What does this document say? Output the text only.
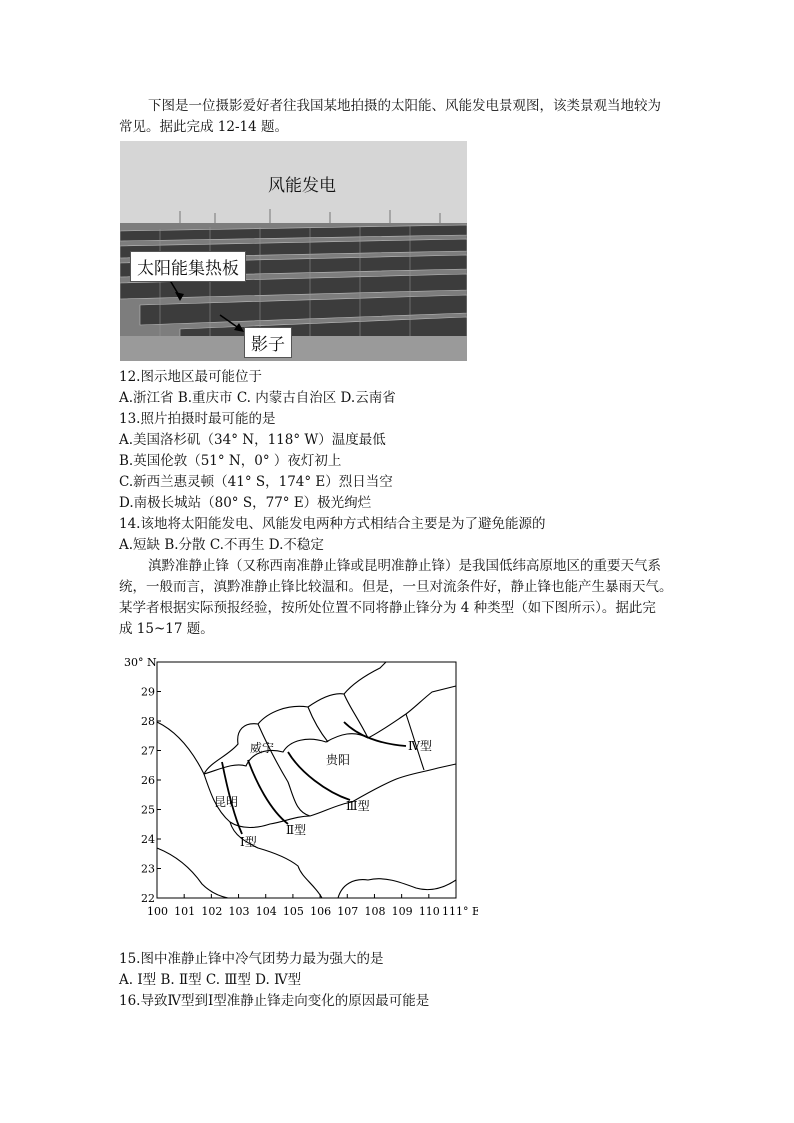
下图是一位摄影爱好者往我国某地拍摄的太阳能、风能发电景观图，该类景观当地较为
常见。据此完成 12-14 题。
风能发电
太阳能集热板
影子
12.图示地区最可能位于
A.浙江省 B.重庆市 C. 内蒙古自治区 D.云南省
13.照片拍摄时最可能的是
A.美国洛杉矶（34° N，118° W）温度最低
B.英国伦敦（51° N，0° ）夜灯初上
C.新西兰惠灵顿（41° S，174° E）烈日当空
D.南极长城站（80° S，77° E）极光绚烂
14.该地将太阳能发电、风能发电两种方式相结合主要是为了避免能源的
A.短缺 B.分散 C.不再生 D.不稳定
滇黔准静止锋（又称西南准静止锋或昆明准静止锋）是我国低纬高原地区的重要天气系
统，一般而言，滇黔准静止锋比较温和。但是，一旦对流条件好，静止锋也能产生暴雨天气。
某学者根据实际预报经验，按所处位置不同将静止锋分为 4 种类型（如下图所示）。据此完
成 15~17 题。
29
28
27
26
25
24
23
22
100 101 102 103 104 105 106 107 108 109 110
30° N
111° E
威宁
贵阳
昆明
Ⅰ型
Ⅱ型
Ⅲ型
Ⅳ型
15.图中准静止锋中冷气团势力最为强大的是
A. Ⅰ型 B. Ⅱ型 C. Ⅲ型 D. Ⅳ型
16.导致Ⅳ型到Ⅰ型准静止锋走向变化的原因最可能是
